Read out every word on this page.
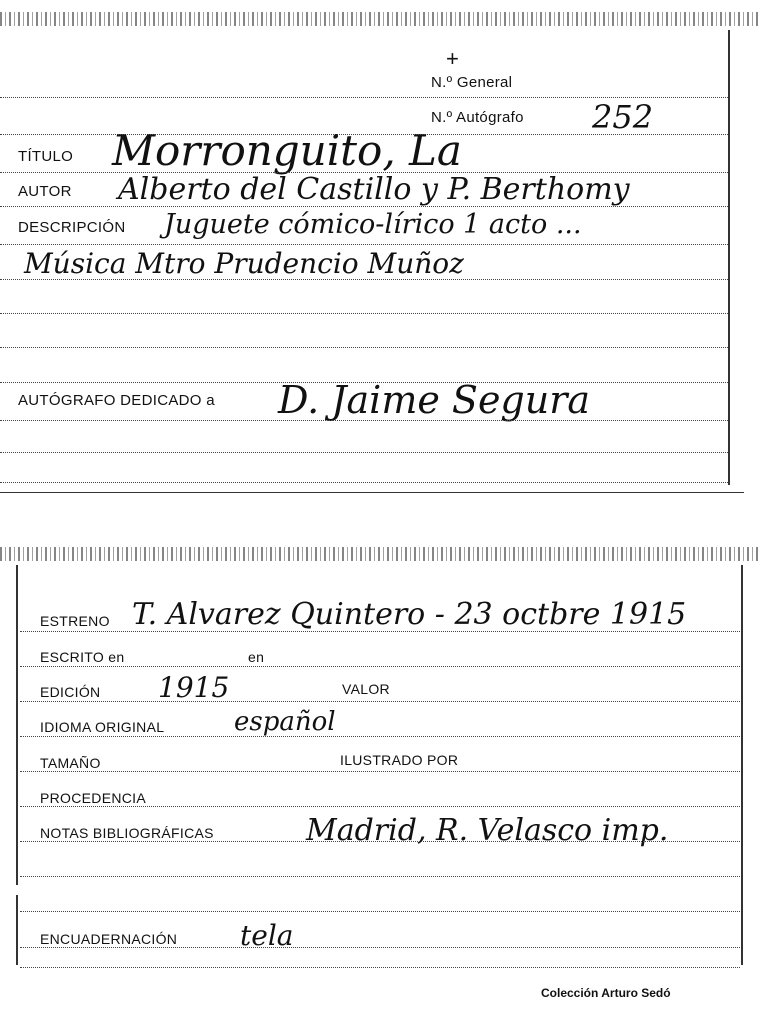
+
N.º General
N.º Autógrafo 252
TÍTULO Morronguito, La
AUTOR Alberto del Castillo y P. Berthomy
DESCRIPCIÓN Juguete cómico-lírico 1 acto ...
Música Mtro Prudencio Muñoz
AUTÓGRAFO DEDICADO a D. Jaime Segura
ESTRENO T. Alvarez Quintero - 23 octbre 1915
ESCRITO en	en
EDICIÓN 1915	VALOR
IDIOMA ORIGINAL	español
TAMAÑO	ILUSTRADO POR
PROCEDENCIA
NOTAS BIBLIOGRÁFICAS	Madrid, R. Velasco imp.
ENCUADERNACIÓN tela
Colección Arturo Sedó
